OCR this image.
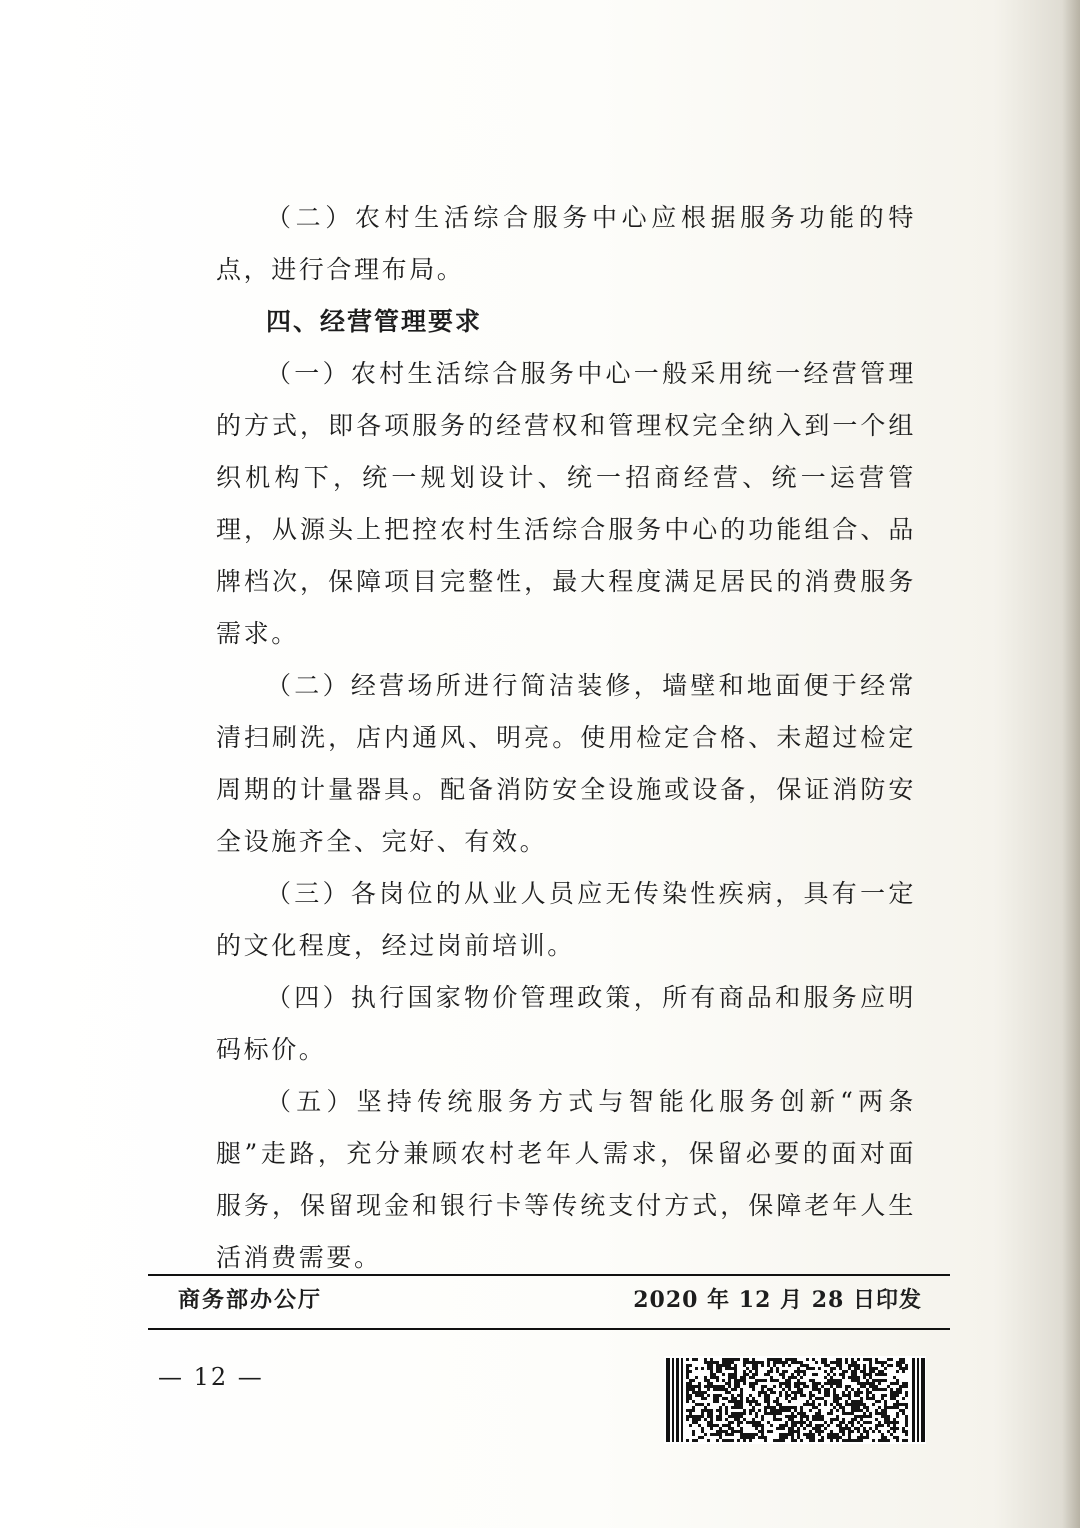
（二）农村生活综合服务中心应根据服务功能的特点，进行合理布局。

四、经营管理要求

（一）农村生活综合服务中心一般采用统一经营管理的方式，即各项服务的经营权和管理权完全纳入到一个组织机构下，统一规划设计、统一招商经营、统一运营管理，从源头上把控农村生活综合服务中心的功能组合、品牌档次，保障项目完整性，最大程度满足居民的消费服务需求。

（二）经营场所进行简洁装修，墙壁和地面便于经常清扫刷洗，店内通风、明亮。使用检定合格、未超过检定周期的计量器具。配备消防安全设施或设备，保证消防安全设施齐全、完好、有效。

（三）各岗位的从业人员应无传染性疾病，具有一定的文化程度，经过岗前培训。

（四）执行国家物价管理政策，所有商品和服务应明码标价。

（五）坚持传统服务方式与智能化服务创新“两条腿”走路，充分兼顾农村老年人需求，保留必要的面对面服务，保留现金和银行卡等传统支付方式，保障老年人生活消费需要。

商务部办公厅	2020 年 12 月 28 日印发
— 12 —
